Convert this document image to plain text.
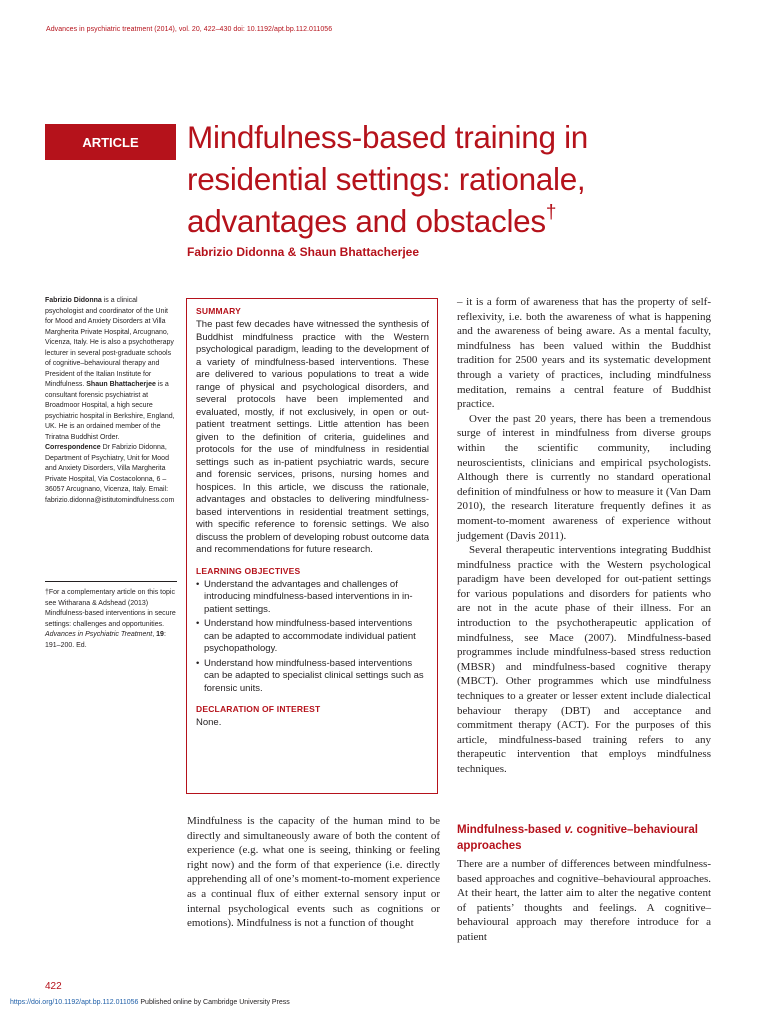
Advances in psychiatric treatment (2014), vol. 20, 422–430 doi: 10.1192/apt.bp.112.011056
ARTICLE	Mindfulness-based training in residential settings: rationale, advantages and obstacles†
Fabrizio Didonna & Shaun Bhattacherjee
Fabrizio Didonna is a clinical psychologist and coordinator of the Unit for Mood and Anxiety Disorders at Villa Margherita Private Hospital, Arcugnano, Vicenza, Italy. He is also a psychotherapy lecturer in several post-graduate schools of cognitive–behavioural therapy and President of the Italian Institute for Mindfulness. Shaun Bhattacherjee is a consultant forensic psychiatrist at Broadmoor Hospital, a high secure psychiatric hospital in Berkshire, England, UK. He is an ordained member of the Triratna Buddhist Order. Correspondence Dr Fabrizio Didonna, Department of Psychiatry, Unit for Mood and Anxiety Disorders, Villa Margherita Private Hospital, Via Costacolonna, 6 – 36057 Arcugnano, Vicenza, Italy. Email: fabrizio.didonna@istitutomindfulness.com
†For a complementary article on this topic see Witharana & Adshead (2013) Mindfulness-based interventions in secure settings: challenges and opportunities. Advances in Psychiatric Treatment, 19: 191–200. Ed.
SUMMARY

The past few decades have witnessed the synthesis of Buddhist mindfulness practice with the Western psychological paradigm, leading to the development of a variety of mindfulness-based interventions. These are delivered to various populations to treat a wide range of physical and psychological disorders, and several protocols have been implemented and evaluated, mostly, if not exclusively, in open or out-patient treatment settings. Little attention has been given to the definition of criteria, guidelines and protocols for the use of mindfulness in residential settings such as in-patient psychiatric wards, secure and forensic services, prisons, nursing homes and hospices. In this article, we discuss the rationale, advantages and obstacles to delivering mindfulness-based interventions in residential treatment settings, with specific reference to forensic settings. We also discuss the problem of developing robust outcome data and recommendations for future research.

LEARNING OBJECTIVES
• Understand the advantages and challenges of introducing mindfulness-based interventions in in-patient settings.
• Understand how mindfulness-based interventions can be adapted to accommodate individual patient psychopathology.
• Understand how mindfulness-based interventions can be adapted to specialist clinical settings such as forensic units.
DECLARATION OF INTEREST

None.

Mindfulness is the capacity of the human mind to be directly and simultaneously aware of both the content of experience (e.g. what one is seeing, thinking or feeling right now) and the form of that experience (i.e. directly apprehending all of one’s moment-to-moment experience as a continual flux of either external sensory input or internal psychological events such as cognitions or emotions). Mindfulness is not a function of thought

– it is a form of awareness that has the property of self-reflexivity, i.e. both the awareness of what is happening and the awareness of being aware. As a mental faculty, mindfulness has been valued within the Buddhist tradition for 2500 years and its systematic development through a variety of practices, including mindfulness meditation, remains a central feature of Buddhist practice.

Over the past 20 years, there has been a tremendous surge of interest in mindfulness from diverse groups within the scientific community, including neuroscientists, clinicians and empirical psychologists. Although there is currently no standard operational definition of mindfulness or how to measure it (Van Dam 2010), the research literature frequently defines it as moment-to-moment awareness of experience without judgement (Davis 2011).

Several therapeutic interventions integrating Buddhist mindfulness practice with the Western psychological paradigm have been developed for out-patient settings for various populations and disorders for patients who are not in the acute phase of their illness. For an introduction to the psychotherapeutic application of mindfulness, see Mace (2007). Mindfulness-based programmes include mindfulness-based stress reduction (MBSR) and mindfulness-based cognitive therapy (MBCT). Other programmes which use mindfulness techniques to a greater or lesser extent include dialectical behaviour therapy (DBT) and acceptance and commitment therapy (ACT). For the purposes of this article, mindfulness-based training refers to any therapeutic intervention that employs mindfulness techniques.

Mindfulness-based v. cognitive–behavioural approaches

There are a number of differences between mindfulness-based approaches and cognitive–behavioural approaches. At their heart, the latter aim to alter the negative content of patients’ thoughts and feelings. A cognitive–behavioural approach may therefore introduce for a patient

422
https://doi.org/10.1192/apt.bp.112.011056 Published online by Cambridge University Press
